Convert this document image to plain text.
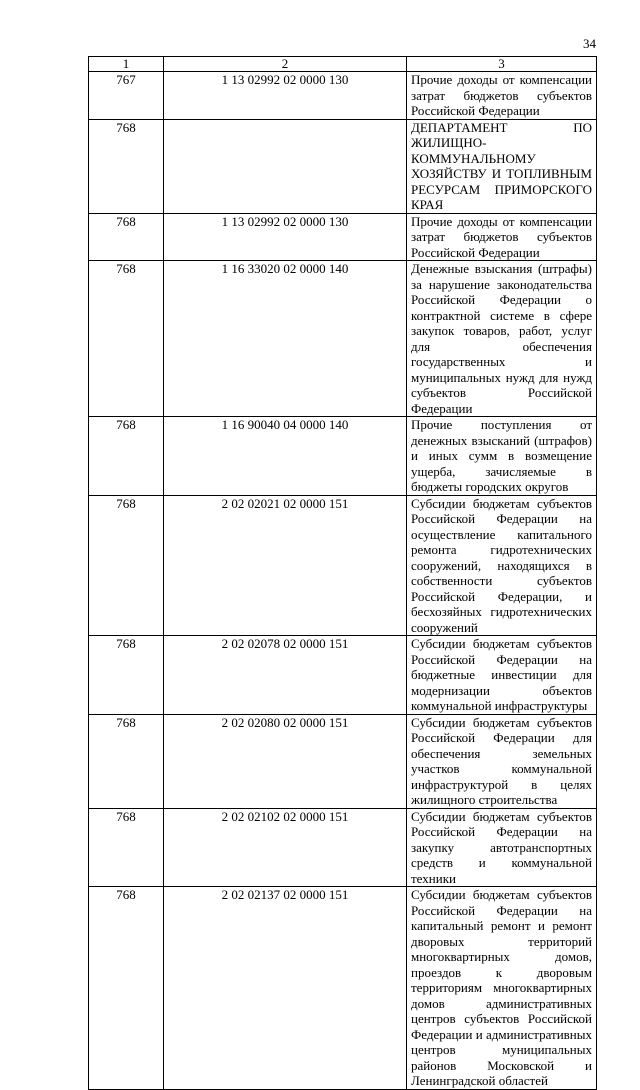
34
1	2	3
767	1 13 02992 02 0000 130	Прочие доходы от компенсации затрат бюджетов субъектов Российской Федерации
768		ДЕПАРТАМЕНТ ПО ЖИЛИЩНО-КОММУНАЛЬНОМУ ХОЗЯЙСТВУ И ТОПЛИВНЫМ РЕСУРСАМ ПРИМОРСКОГО КРАЯ
768	1 13 02992 02 0000 130	Прочие доходы от компенсации затрат бюджетов субъектов Российской Федерации
768	1 16 33020 02 0000 140	Денежные взыскания (штрафы) за нарушение законодательства Российской Федерации о контрактной системе в сфере закупок товаров, работ, услуг для обеспечения государственных и муниципальных нужд для нужд субъектов Российской Федерации
768	1 16 90040 04 0000 140	Прочие поступления от денежных взысканий (штрафов) и иных сумм в возмещение ущерба, зачисляемые в бюджеты городских округов
768	2 02 02021 02 0000 151	Субсидии бюджетам субъектов Российской Федерации на осуществление капитального ремонта гидротехнических сооружений, находящихся в собственности субъектов Российской Федерации, и бесхозяйных гидротехнических сооружений
768	2 02 02078 02 0000 151	Субсидии бюджетам субъектов Российской Федерации на бюджетные инвестиции для модернизации объектов коммунальной инфраструктуры
768	2 02 02080 02 0000 151	Субсидии бюджетам субъектов Российской Федерации для обеспечения земельных участков коммунальной инфраструктурой в целях жилищного строительства
768	2 02 02102 02 0000 151	Субсидии бюджетам субъектов Российской Федерации на закупку автотранспортных средств и коммунальной техники
768	2 02 02137 02 0000 151	Субсидии бюджетам субъектов Российской Федерации на капитальный ремонт и ремонт дворовых территорий многоквартирных домов, проездов к дворовым территориям многоквартирных домов административных центров субъектов Российской Федерации и административных центров муниципальных районов Московской и Ленинградской областей
